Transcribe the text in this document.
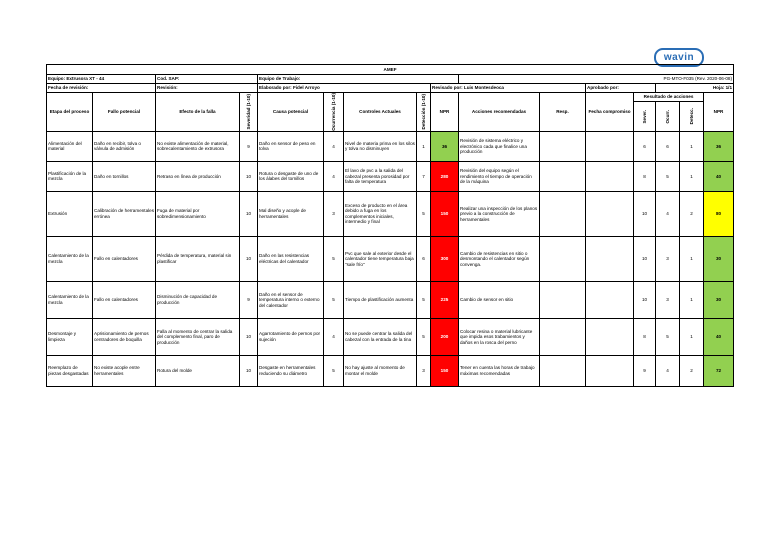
wavin
AMEF															
Equipo: Extrusora XT - 44		Cod. SAP:		Equipo de Trabajo:					PG-MTO-F035 (Rev. 2020-06-08)						
Fecha de revisión:		Revisión:		Elaborado por: Fidel Arroyo				Revisado por: Luis Montesdeoca			Aprobado por:		Hoja: 1/1		
Etapa del proceso	Fallo potencial	Efecto de la falla	Severidad (1-10)	Causa potencial	Ocurrencia (1-10)	Controles Actuales	Detección (1-10)	NPR	Acciones recomendadas	Resp.	Fecha compromiso	Resultado de acciones			NPR

												Sever.	Ocurr.	Detecc.	

Alimentación del material	Daño en recibir, tolva o válvula de admisión	No existe alimentación de material, sobrecalentamiento de extrusora	9	Daño en sensor de peso en tolva	4	Nivel de materia prima en los silos y tolva no disminuyen	1	36	Revisión de sistema eléctrico y electrónico cada que finalice una producción			6	6	1	36
Plastificación de la mezcla	Daño en tornillos	Retraso en línea de producción	10	Rotura o desgaste de uno de los álabes del tornillos	4	El lavo de pvc a la salida del cabezal presenta porosidad por falta de temperatura	7	280	Revisión del equipo según el rendimiento el tiempo de operación de la máquina			8	5	1	40
Extrusión	Calibración de herramentales errónea	Fuga de material por sobredimensionamiento	10	Mal diseño y acople de herramentales	3	Exceso de producto en el área debido a fuga en los complementos iniciales, intermedio y final	5	150	Realizar una inspección de los planos previo a la construcción de herramentales			10	4	2	80
Calentamiento de la mezcla	Fallo en calentadores	Pérdida de temperatura, material sin plastificar	10	Daño en las resistencias eléctricas del calentador	5	Pvc que sale al exterior desde el calentador tiene temperatura baja "sale frío"	6	300	Cambio de resistencias en sitio o desmontando el calentador según convenga.			10	3	1	30
Calentamiento de la mezcla	Fallo en calentadores	Disminución de capacidad de producción	9	Daño en el sensor de temperatura interno o externo del calentador	5	Tiempo de plastificación aumenta	5	225	Cambio de sensor en sitio			10	3	1	30
Desmontaje y limpieza	Aprisionamiento de pernos centradores de boquilla	Falla al momento de centrar la salida del complemento final, paro de producción	10	Agarrotamiento de pernos por sujeción	4	No se puede centrar la salida del cabezal con la entrada de la tina	5	200	Colocar resina o material lubricante que impida esos trabamientos y daños en la rosca del perno			8	5	1	40
Reemplazo de piezas desgastadas	No existe acople entre herramentales	Rotura del molde	10	Desgaste en herramentales reduciendo su diámetro	5	No hay ajuste al momento de montar el molde	3	150	Tener en cuenta las horas de trabajo máximas recomendadas			9	4	2	72
